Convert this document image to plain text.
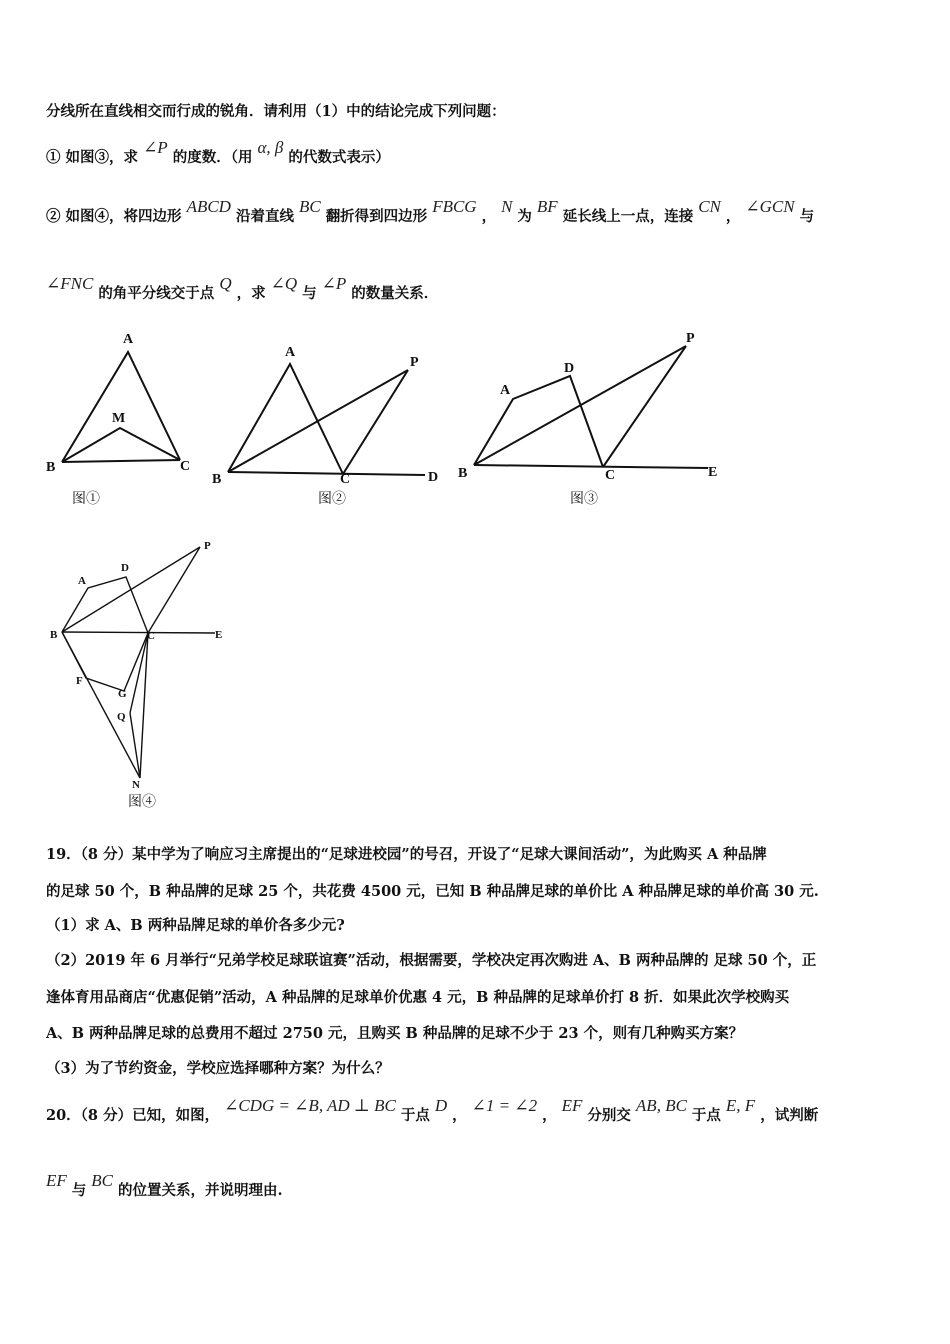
分线所在直线相交而行成的锐角．请利用（1）中的结论完成下列问题：
① 如图③，求∠P的度数．（用α, β的代数式表示）
② 如图④，将四边形ABCD沿着直线BC翻折得到四边形FBCG，N为BF延长线上一点，连接CN，∠GCN与
∠FNC的角平分线交于点Q，求∠Q与∠P的数量关系．
A
B	C
M
图①
A
B	C	D
P
图②
A
D
B	C	E
P
图③
P
A
D
B	C	E
F
G
Q
N
图④
19．（8 分）某中学为了响应习主席提出的“足球进校园”的号召，开设了“足球大课间活动”，为此购买 A 种品牌
的足球 50 个，B 种品牌的足球 25 个，共花费 4500 元，已知 B 种品牌足球的单价比 A 种品牌足球的单价高 30 元.
（1）求 A、B 两种品牌足球的单价各多少元?
（2）2019 年 6 月举行“兄弟学校足球联谊赛”活动，根据需要，学校决定再次购进 A、B 两种品牌的 足球 50 个，正
逢体育用品商店“优惠促销”活动，A 种品牌的足球单价优惠 4 元，B 种品牌的足球单价打 8 折．如果此次学校购买
A、B 两种品牌足球的总费用不超过 2750 元，且购买 B 种品牌的足球不少于 23 个，则有几种购买方案？
（3）为了节约资金，学校应选择哪种方案？为什么？
20．（8 分）已知，如图，∠CDG = ∠B, AD ⊥ BC于点D，∠1 = ∠2，EF分别交AB, BC于点E, F，试判断
EF与BC的位置关系，并说明理由.
